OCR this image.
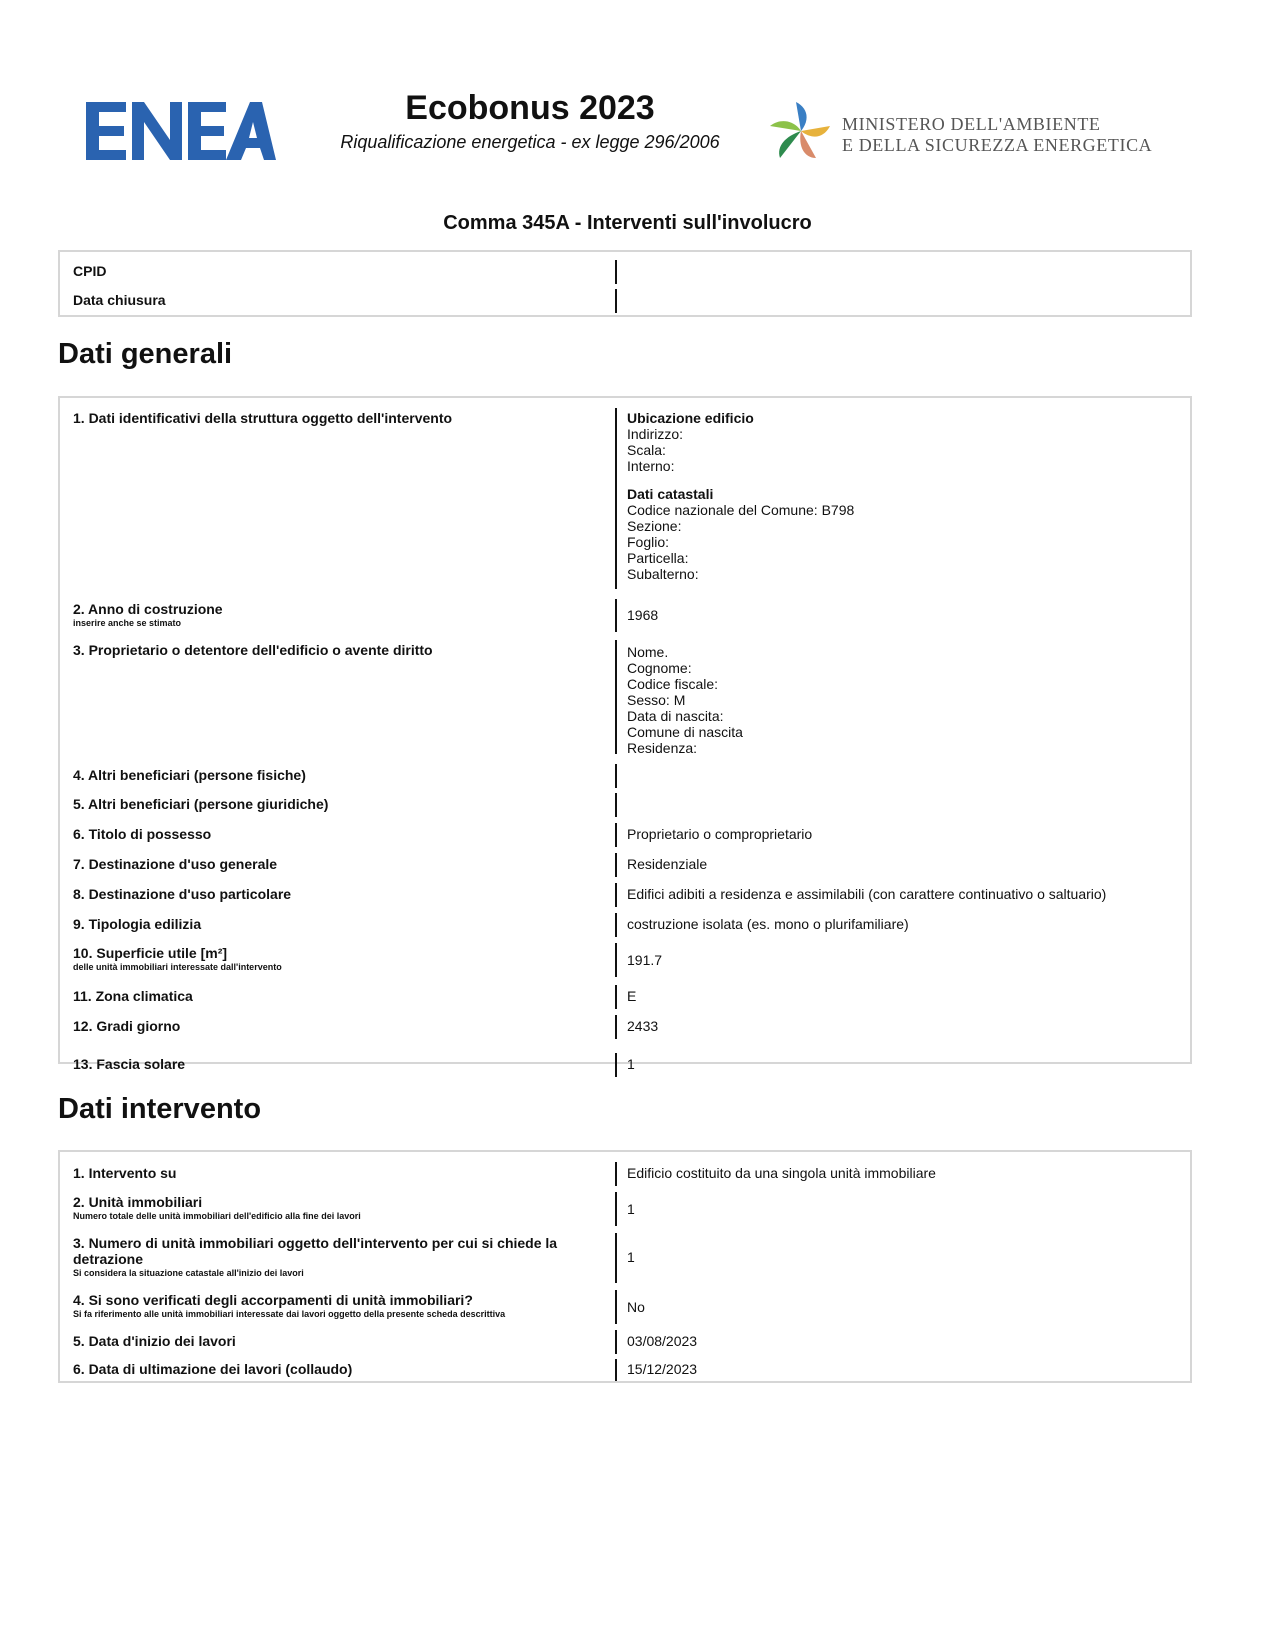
Ecobonus 2023
Riqualificazione energetica - ex legge 296/2006
MINISTERO DELL'AMBIENTE
E DELLA SICUREZZA ENERGETICA
Comma 345A - Interventi sull'involucro
CPID
Data chiusura
Dati generali
1. Dati identificativi della struttura oggetto dell'intervento	Ubicazione edificio
Indirizzo:
Scala:
Interno:
Dati catastali
Codice nazionale del Comune: B798
Sezione:
Foglio:
Particella:
Subalterno:
2. Anno di costruzione
inserire anche se stimato	1968
3. Proprietario o detentore dell'edificio o avente diritto	Nome.
Cognome:
Codice fiscale:
Sesso: M
Data di nascita:
Comune di nascita
Residenza:
4. Altri beneficiari (persone fisiche)
5. Altri beneficiari (persone giuridiche)
6. Titolo di possesso	Proprietario o comproprietario
7. Destinazione d'uso generale	Residenziale
8. Destinazione d'uso particolare	Edifici adibiti a residenza e assimilabili (con carattere continuativo o saltuario)
9. Tipologia edilizia	costruzione isolata (es. mono o plurifamiliare)
10. Superficie utile [m²]
delle unità immobiliari interessate dall'intervento	191.7
11. Zona climatica	E
12. Gradi giorno	2433
13. Fascia solare	1
Dati intervento
1. Intervento su	Edificio costituito da una singola unità immobiliare
2. Unità immobiliari
Numero totale delle unità immobiliari dell'edificio alla fine dei lavori	1
3. Numero di unità immobiliari oggetto dell'intervento per cui si chiede la detrazione
Si considera la situazione catastale all'inizio dei lavori
1
4. Si sono verificati degli accorpamenti di unità immobiliari?
Si fa riferimento alle unità immobiliari interessate dai lavori oggetto della presente scheda descrittiva	No
5. Data d'inizio dei lavori	03/08/2023
6. Data di ultimazione dei lavori (collaudo)	15/12/2023
